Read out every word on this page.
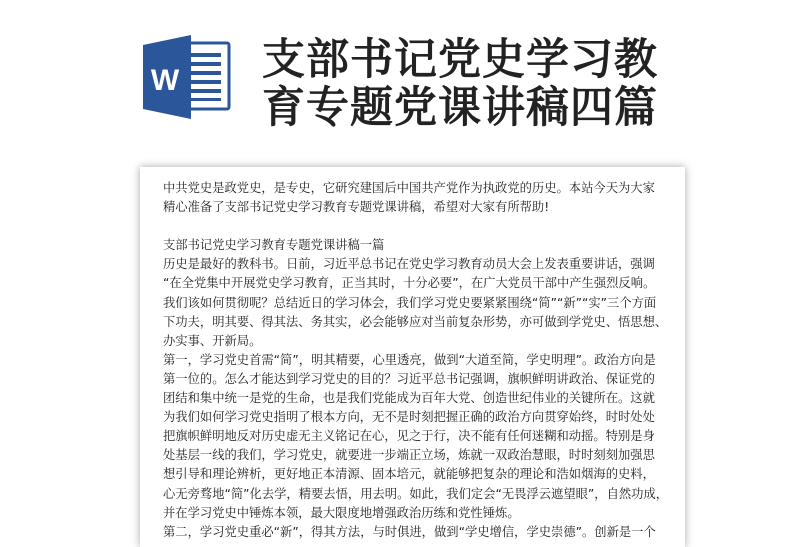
W 支部书记党史学习教
育专题党课讲稿四篇
中共党史是政党史，是专史，它研究建国后中国共产党作为执政党的历史。本站今天为大家
精心准备了支部书记党史学习教育专题党课讲稿，希望对大家有所帮助!
支部书记党史学习教育专题党课讲稿一篇
历史是最好的教科书。日前，习近平总书记在党史学习教育动员大会上发表重要讲话，强调
“在全党集中开展党史学习教育，正当其时，十分必要”，在广大党员干部中产生强烈反响。
我们该如何贯彻呢？总结近日的学习体会，我们学习党史要紧紧围绕“简”“新”“实”三个方面
下功夫，明其要、得其法、务其实，必会能够应对当前复杂形势，亦可做到学党史、悟思想、
办实事、开新局。
第一，学习党史首需“简”，明其精要，心里透亮，做到“大道至简，学史明理”。政治方向是
第一位的。怎么才能达到学习党史的目的？习近平总书记强调，旗帜鲜明讲政治、保证党的
团结和集中统一是党的生命，也是我们党能成为百年大党、创造世纪伟业的关键所在。这就
为我们如何学习党史指明了根本方向，无不是时刻把握正确的政治方向贯穿始终，时时处处
把旗帜鲜明地反对历史虚无主义铭记在心，见之于行，决不能有任何迷糊和动摇。特别是身
处基层一线的我们，学习党史，就要进一步端正立场，炼就一双政治慧眼，时时刻刻加强思
想引导和理论辨析，更好地正本清源、固本培元，就能够把复杂的理论和浩如烟海的史料，
心无旁骛地“简”化去学，精要去悟，用去明。如此，我们定会“无畏浮云遮望眼”，自然功成，
并在学习党史中锤炼本领，最大限度地增强政治历练和党性锤炼。
第二，学习党史重必“新”，得其方法，与时俱进，做到“学史增信，学史崇德”。创新是一个
